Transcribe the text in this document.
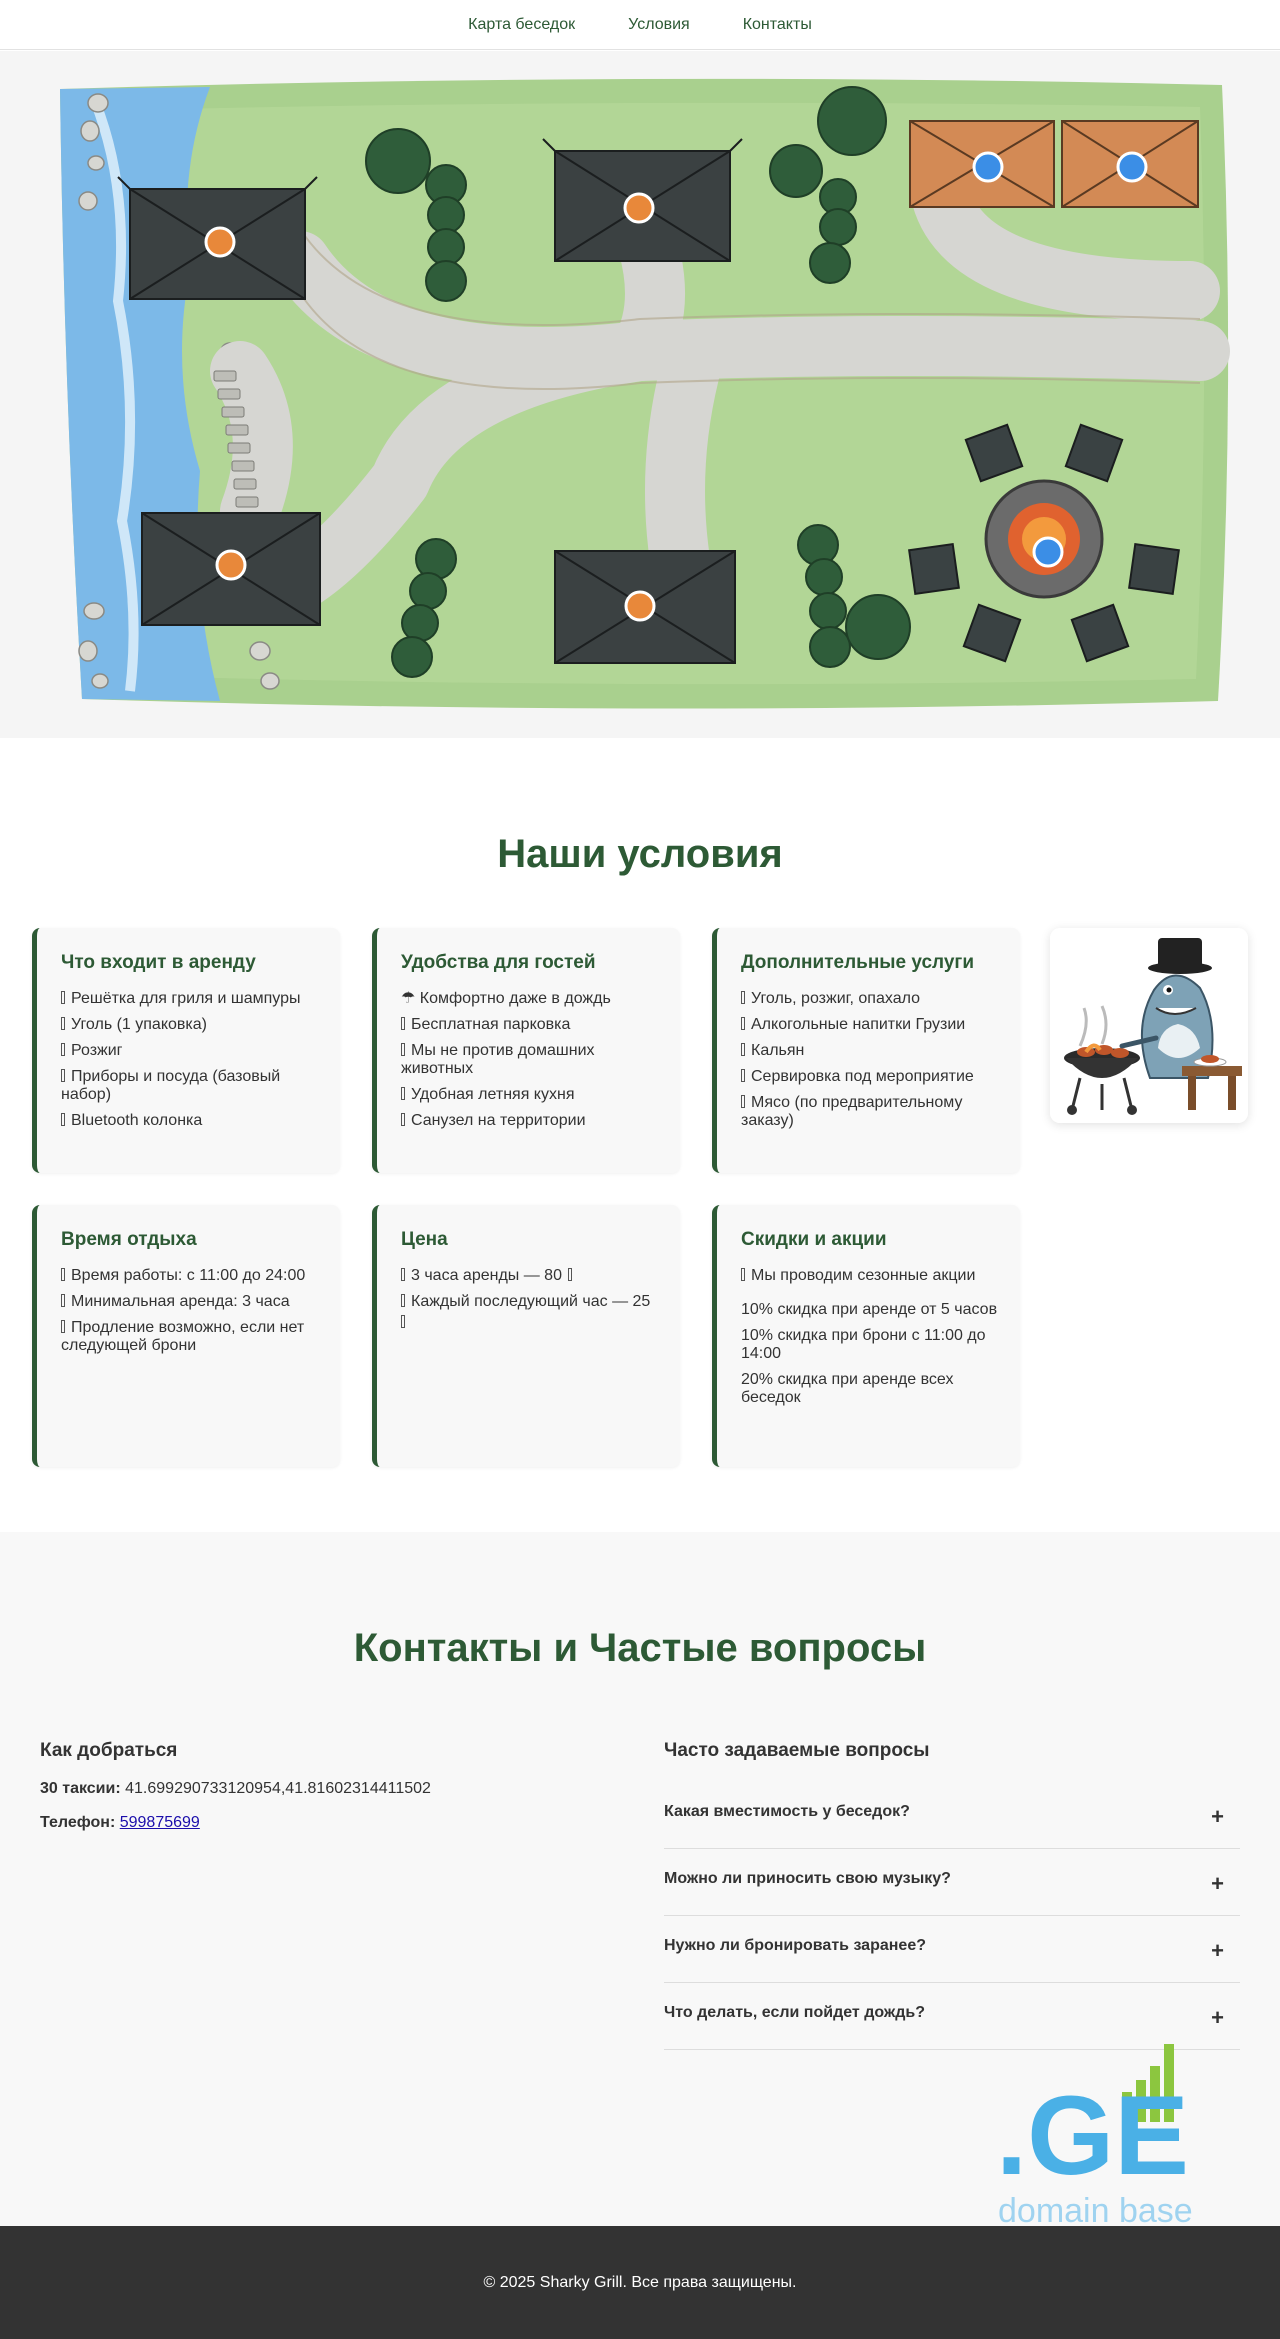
Карта беседок	Условия	Контакты
Наши условия
Что входит в аренду
Решётка для гриля и шампуры
Уголь (1 упаковка)
Розжиг
Приборы и посуда (базовый набор)
Bluetooth колонка
Удобства для гостей
☂ Комфортно даже в дождь
Бесплатная парковка
Мы не против домашних животных
Удобная летняя кухня
Санузел на территории
Дополнительные услуги
Уголь, розжиг, опахало
Алкогольные напитки Грузии
Кальян
Сервировка под мероприятие
Мясо (по предварительному заказу)
Время отдыха
Время работы: с 11:00 до 24:00
Минимальная аренда: 3 часа
Продление возможно, если нет следующей брони
Цена
3 часа аренды — 80
Каждый последующий час — 25

Скидки и акции
Мы проводим сезонные акции

10% скидка при аренде от 5 часов

10% скидка при брони с 11:00 до 14:00

20% скидка при аренде всех беседок

Контакты и Частые вопросы
Как добраться

30 таксии: 41.699290733120954,41.81602314411502

Телефон: 599875699

Часто задаваемые вопросы
Какая вместимость у беседок?	+
Можно ли приносить свою музыку?	+
Нужно ли бронировать заранее?	+
Что делать, если пойдет дождь?	+
.GE
domain base
© 2025 Sharky Grill. Все права защищены.
